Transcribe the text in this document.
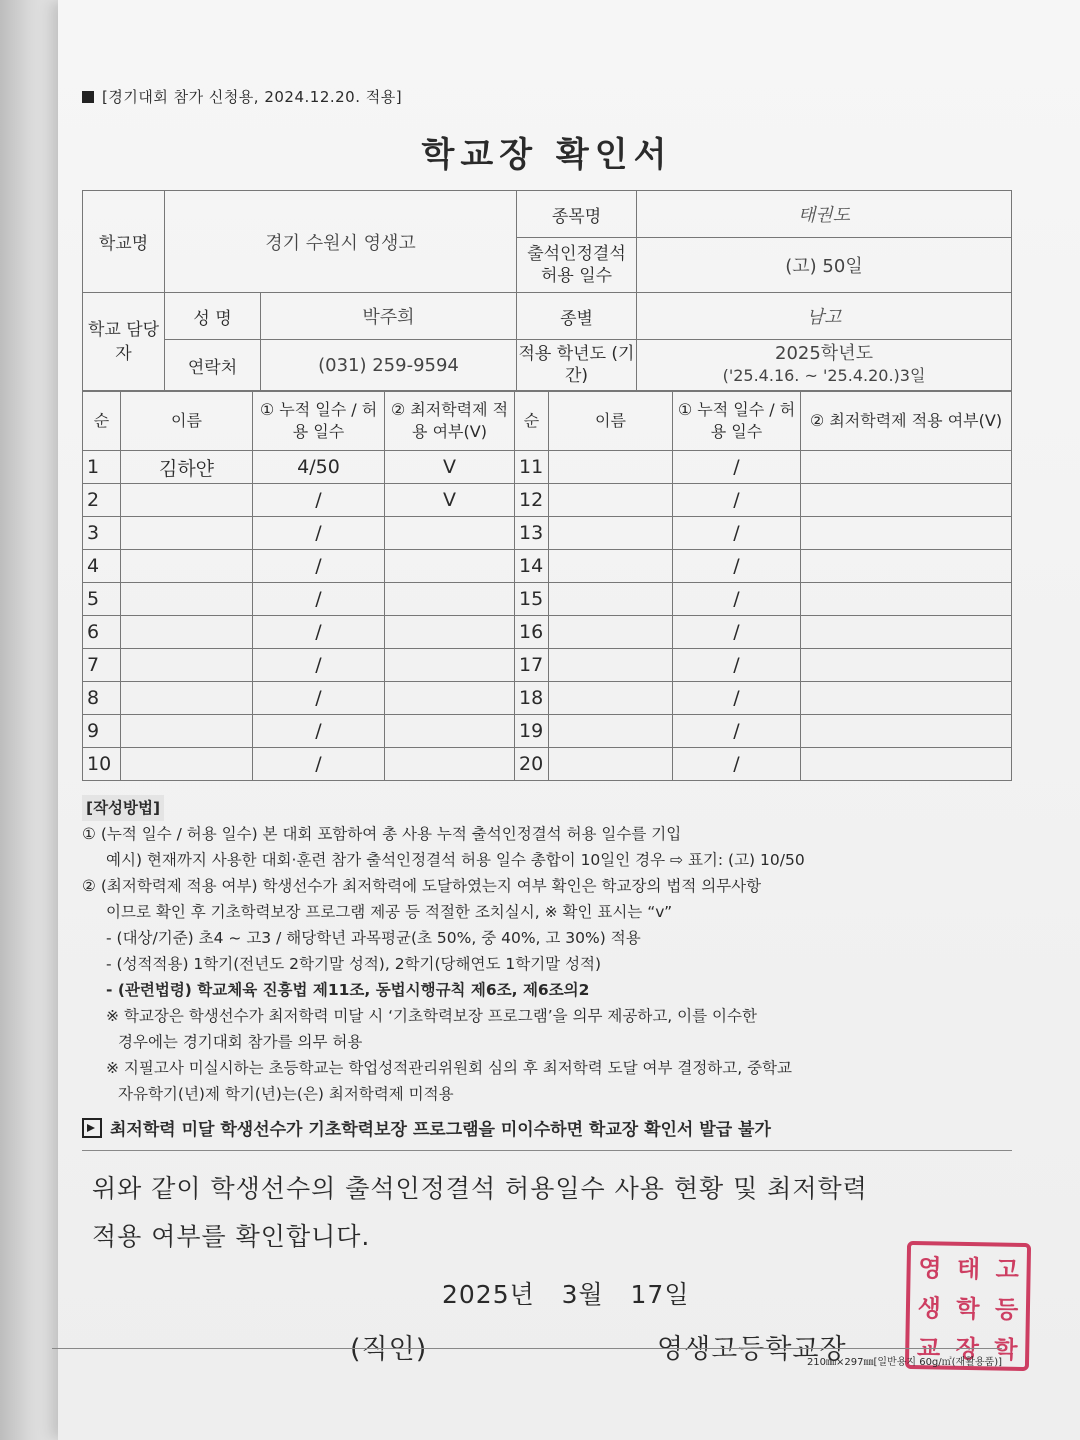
[경기대회 참가 신청용, 2024.12.20. 적용]
학교장 확인서
학교명	경기 수원시 영생고		종목명	태권도
			출석인정결석 허용 일수	(고) 50일
학교 담당자	성 명	박주희	종별	남고
	연락처	(031) 259-9594	적용 학년도 (기간)	2025학년도
('25.4.16. ~ '25.4.20.)3일
순	이름	① 누적 일수 / 허용 일수	② 최저학력제 적용 여부(V)	순	이름	① 누적 일수 / 허용 일수	② 최저학력제 적용 여부(V)
1	김하얀	4/50	V	11		/	
2		/	V	12		/	
3		/		13		/	
4		/		14		/	
5		/		15		/	
6		/		16		/	
7		/		17		/	
8		/		18		/	
9		/		19		/	
10		/		20		/	
[작성방법]
① (누적 일수 / 허용 일수) 본 대회 포함하여 총 사용 누적 출석인정결석 허용 일수를 기입
예시) 현재까지 사용한 대회·훈련 참가 출석인정결석 허용 일수 총합이 10일인 경우 ⇨ 표기: (고) 10/50
② (최저학력제 적용 여부) 학생선수가 최저학력에 도달하였는지 여부 확인은 학교장의 법적 의무사항
이므로 확인 후 기초학력보장 프로그램 제공 등 적절한 조치실시, ※ 확인 표시는 “v”
- (대상/기준) 초4 ~ 고3 / 해당학년 과목평균(초 50%, 중 40%, 고 30%) 적용
- (성적적용) 1학기(전년도 2학기말 성적), 2학기(당해연도 1학기말 성적)
- (관련법령) 학교체육 진흥법 제11조, 동법시행규칙 제6조, 제6조의2
※ 학교장은 학생선수가 최저학력 미달 시 ‘기초학력보장 프로그램’을 의무 제공하고, 이를 이수한
경우에는 경기대회 참가를 의무 허용
※ 지필고사 미실시하는 초등학교는 학업성적관리위원회 심의 후 최저학력 도달 여부 결정하고, 중학교
자유학기(년)제 학기(년)는(은) 최저학력제 미적용
최저학력 미달 학생선수가 기초학력보장 프로그램을 미이수하면 학교장 확인서 발급 불가
위와 같이 학생선수의 출석인정결석 허용일수 사용 현황 및 최저학력
적용 여부를 확인합니다.
2025년   3월   17일
영생고등학교장
(직인)
영 태 고
생 학 등
교 장 학
210㎜×297㎜[일반용지 60g/㎡(재활용품)]
